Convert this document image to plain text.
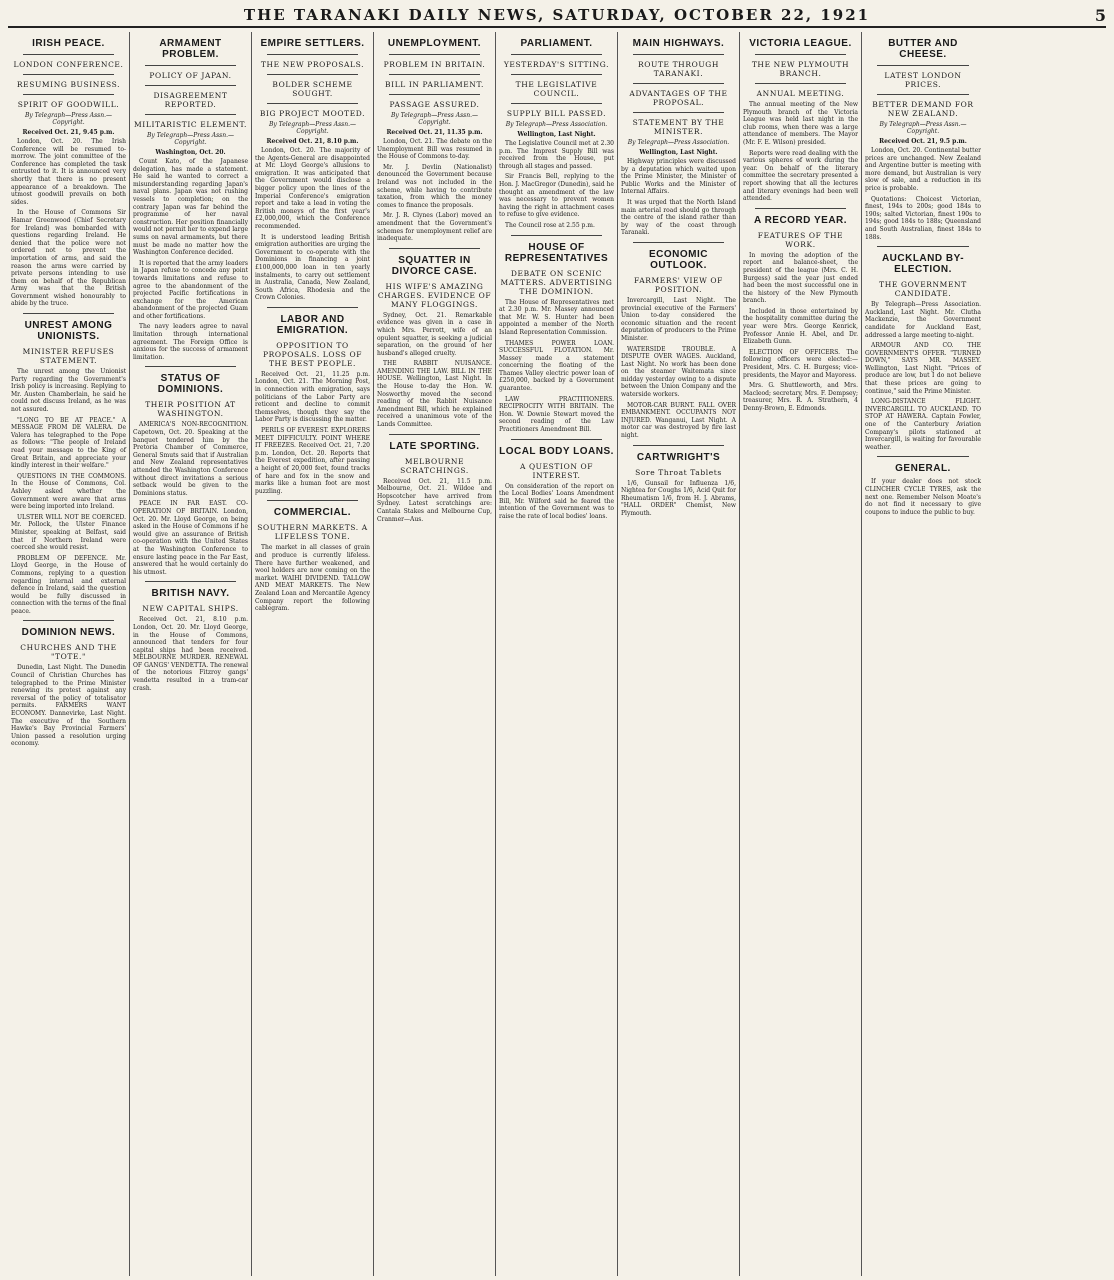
THE TARANAKI DAILY NEWS, SATURDAY, OCTOBER 22, 1921	5
IRISH PEACE.
LONDON CONFERENCE.
RESUMING BUSINESS.
SPIRIT OF GOODWILL.
By Telegraph—Press Assn.—Copyright.
Received Oct. 21, 9.45 p.m.

London, Oct. 20. The Irish Conference will be resumed to-morrow. The joint committee of the Conference has completed the task entrusted to it. It is announced very shortly that there is no present appearance of a breakdown. The utmost goodwill prevails on both sides.

In the House of Commons Sir Hamar Greenwood (Chief Secretary for Ireland) was bombarded with questions regarding Ireland. He denied that the police were not ordered not to prevent the importation of arms, and said the reason the arms were carried by private persons intending to use them on behalf of the Republican Army was that the British Government wished honourably to abide by the truce.

UNREST AMONG UNIONISTS.
MINISTER REFUSES STATEMENT.

The unrest among the Unionist Party regarding the Government's Irish policy is increasing. Replying to Mr. Austen Chamberlain, he said he could not discuss Ireland, as he was not assured.

"LONG TO BE AT PEACE." A MESSAGE FROM DE VALERA. De Valera has telegraphed to the Pope as follows: "The people of Ireland read your message to the King of Great Britain, and appreciate your kindly interest in their welfare."

QUESTIONS IN THE COMMONS. In the House of Commons, Col. Ashley asked whether the Government were aware that arms were being imported into Ireland.

ULSTER WILL NOT BE COERCED. Mr. Pollock, the Ulster Finance Minister, speaking at Belfast, said that if Northern Ireland were coerced she would resist.

PROBLEM OF DEFENCE. Mr. Lloyd George, in the House of Commons, replying to a question regarding internal and external defence in Ireland, said the question would be fully discussed in connection with the terms of the final peace.

DOMINION NEWS.
CHURCHES AND THE "TOTE."

Dunedin, Last Night. The Dunedin Council of Christian Churches has telegraphed to the Prime Minister renewing its protest against any reversal of the policy of totalisator permits. FARMERS WANT ECONOMY. Dannevirke, Last Night. The executive of the Southern Hawke's Bay Provincial Farmers' Union passed a resolution urging economy.

ARMAMENT PROBLEM.
POLICY OF JAPAN.
DISAGREEMENT REPORTED.
MILITARISTIC ELEMENT.
By Telegraph—Press Assn.—Copyright.
Washington, Oct. 20.

Count Kato, of the Japanese delegation, has made a statement. He said he wanted to correct a misunderstanding regarding Japan's naval plans. Japan was not rushing vessels to completion; on the contrary Japan was far behind the programme of her naval construction. Her position financially would not permit her to expend large sums on naval armaments, but there must be made no matter how the Washington Conference decided.

It is reported that the army leaders in Japan refuse to concede any point towards limitations and refuse to agree to the abandonment of the projected Pacific fortifications in exchange for the American abandonment of the projected Guam and other fortifications.

The navy leaders agree to naval limitation through international agreement. The Foreign Office is anxious for the success of armament limitation.

STATUS OF DOMINIONS.
THEIR POSITION AT WASHINGTON.

AMERICA'S NON-RECOGNITION. Capetown, Oct. 20. Speaking at the banquet tendered him by the Pretoria Chamber of Commerce, General Smuts said that if Australian and New Zealand representatives attended the Washington Conference without direct invitations a serious setback would be given to the Dominions status.

PEACE IN FAR EAST. CO-OPERATION OF BRITAIN. London, Oct. 20. Mr. Lloyd George, on being asked in the House of Commons if he would give an assurance of British co-operation with the United States at the Washington Conference to ensure lasting peace in the Far East, answered that he would certainly do his utmost.

BRITISH NAVY.
NEW CAPITAL SHIPS.

Received Oct. 21, 8.10 p.m. London, Oct. 20. Mr. Lloyd George, in the House of Commons, announced that tenders for four capital ships had been received. MELBOURNE MURDER. RENEWAL OF GANGS' VENDETTA. The renewal of the notorious Fitzroy gangs' vendetta resulted in a tram-car crash.

EMPIRE SETTLERS.
THE NEW PROPOSALS.
BOLDER SCHEME SOUGHT.
BIG PROJECT MOOTED.
By Telegraph—Press Assn.—Copyright.
Received Oct. 21, 8.10 p.m.

London, Oct. 20. The majority of the Agents-General are disappointed at Mr. Lloyd George's allusions to emigration. It was anticipated that the Government would disclose a bigger policy upon the lines of the Imperial Conference's emigration report and take a lead in voting the British moneys of the first year's £2,000,000, which the Conference recommended.

It is understood leading British emigration authorities are urging the Government to co-operate with the Dominions in financing a joint £100,000,000 loan in ten yearly instalments, to carry out settlement in Australia, Canada, New Zealand, South Africa, Rhodesia and the Crown Colonies.

LABOR AND EMIGRATION.
OPPOSITION TO PROPOSALS. LOSS OF THE BEST PEOPLE.

Received Oct. 21, 11.25 p.m. London, Oct. 21. The Morning Post, in connection with emigration, says politicians of the Labor Party are reticent and decline to commit themselves, though they say the Labor Party is discussing the matter.

PERILS OF EVEREST. EXPLORERS MEET DIFFICULTY. POINT WHERE IT FREEZES. Received Oct. 21, 7.20 p.m. London, Oct. 20. Reports that the Everest expedition, after passing a height of 20,000 feet, found tracks of hare and fox in the snow and marks like a human foot are most puzzling.

COMMERCIAL.
SOUTHERN MARKETS. A LIFELESS TONE.

The market in all classes of grain and produce is currently lifeless. There have further weakened, and wool holders are now coming on the market. WAIHI DIVIDEND. TALLOW AND MEAT MARKETS. The New Zealand Loan and Mercantile Agency Company report the following cablegram.

UNEMPLOYMENT.
PROBLEM IN BRITAIN.
BILL IN PARLIAMENT.
PASSAGE ASSURED.
By Telegraph—Press Assn.—Copyright.
Received Oct. 21, 11.35 p.m.

London, Oct. 21. The debate on the Unemployment Bill was resumed in the House of Commons to-day.

Mr. J. Devlin (Nationalist) denounced the Government because Ireland was not included in the scheme, while having to contribute taxation, from which the money comes to finance the proposals.

Mr. J. R. Clynes (Labor) moved an amendment that the Government's schemes for unemployment relief are inadequate.

SQUATTER IN DIVORCE CASE.
HIS WIFE'S AMAZING CHARGES. EVIDENCE OF MANY FLOGGINGS.

Sydney, Oct. 21. Remarkable evidence was given in a case in which Mrs. Perrott, wife of an opulent squatter, is seeking a judicial separation, on the ground of her husband's alleged cruelty.

THE RABBIT NUISANCE. AMENDING THE LAW. BILL IN THE HOUSE. Wellington, Last Night. In the House to-day the Hon. W. Nosworthy moved the second reading of the Rabbit Nuisance Amendment Bill, which he explained received a unanimous vote of the Lands Committee.

LATE SPORTING.
MELBOURNE SCRATCHINGS.

Received Oct. 21, 11.5 p.m. Melbourne, Oct. 21. Wildoe and Hopscotcher have arrived from Sydney. Latest scratchings are: Cantala Stakes and Melbourne Cup, Cranmer—Aus.

PARLIAMENT.
YESTERDAY'S SITTING.
THE LEGISLATIVE COUNCIL.
SUPPLY BILL PASSED.
By Telegraph—Press Association.
Wellington, Last Night.

The Legislative Council met at 2.30 p.m. The Imprest Supply Bill was received from the House, put through all stages and passed.

Sir Francis Bell, replying to the Hon. J. MacGregor (Dunedin), said he thought an amendment of the law was necessary to prevent women having the right in attachment cases to refuse to give evidence.

The Council rose at 2.55 p.m.

HOUSE OF REPRESENTATIVES
DEBATE ON SCENIC MATTERS. ADVERTISING THE DOMINION.

The House of Representatives met at 2.30 p.m. Mr. Massey announced that Mr. W. S. Hunter had been appointed a member of the North Island Representation Commission.

THAMES POWER LOAN. SUCCESSFUL FLOTATION. Mr. Massey made a statement concerning the floating of the Thames Valley electric power loan of £250,000, backed by a Government guarantee.

LAW PRACTITIONERS. RECIPROCITY WITH BRITAIN. The Hon. W. Downie Stewart moved the second reading of the Law Practitioners Amendment Bill.

LOCAL BODY LOANS.
A QUESTION OF INTEREST.

On consideration of the report on the Local Bodies' Loans Amendment Bill, Mr. Wilford said he feared the intention of the Government was to raise the rate of local bodies' loans.

MAIN HIGHWAYS.
ROUTE THROUGH TARANAKI.
ADVANTAGES OF THE PROPOSAL.
STATEMENT BY THE MINISTER.
By Telegraph—Press Association.
Wellington, Last Night.

Highway principles were discussed by a deputation which waited upon the Prime Minister, the Minister of Public Works and the Minister of Internal Affairs.

It was urged that the North Island main arterial road should go through the centre of the island rather than by way of the coast through Taranaki.

ECONOMIC OUTLOOK.
FARMERS' VIEW OF POSITION.

Invercargill, Last Night. The provincial executive of the Farmers' Union to-day considered the economic situation and the recent deputation of producers to the Prime Minister.

WATERSIDE TROUBLE. A DISPUTE OVER WAGES. Auckland, Last Night. No work has been done on the steamer Waitemata since midday yesterday owing to a dispute between the Union Company and the waterside workers.

MOTOR-CAR BURNT. FALL OVER EMBANKMENT. OCCUPANTS NOT INJURED. Wanganui, Last Night. A motor car was destroyed by fire last night.

CARTWRIGHT'S
Sore Throat Tablets

1/6, Gunsail for Influenza 1/6, Nightea for Coughs 1/6, Acid Quit for Rheumatism 1/6, from H. J. Abrams, "HALL ORDER" Chemist, New Plymouth.

VICTORIA LEAGUE.
THE NEW PLYMOUTH BRANCH.
ANNUAL MEETING.

The annual meeting of the New Plymouth branch of the Victoria League was held last night in the club rooms, when there was a large attendance of members. The Mayor (Mr. F. E. Wilson) presided.

Reports were read dealing with the various spheres of work during the year. On behalf of the literary committee the secretary presented a report showing that all the lectures and literary evenings had been well attended.

A RECORD YEAR.
FEATURES OF THE WORK.

In moving the adoption of the report and balance-sheet, the president of the league (Mrs. C. H. Burgess) said the year just ended had been the most successful one in the history of the New Plymouth branch.

Included in those entertained by the hospitality committee during the year were Mrs. George Kenrick, Professor Annie H. Abel, and Dr. Elizabeth Gunn.

ELECTION OF OFFICERS. The following officers were elected:—President, Mrs. C. H. Burgess; vice-presidents, the Mayor and Mayoress.

Mrs. G. Shuttleworth, and Mrs. Macleod; secretary, Mrs. F. Dempsey; treasurer, Mrs. R. A. Strathern, 4 Denny-Brown, E. Edmonds.

BUTTER AND CHEESE.
LATEST LONDON PRICES.
BETTER DEMAND FOR NEW ZEALAND.
By Telegraph—Press Assn.—Copyright.
Received Oct. 21, 9.5 p.m.

London, Oct. 20. Continental butter prices are unchanged. New Zealand and Argentine butter is meeting with more demand, but Australian is very slow of sale, and a reduction in its price is probable.

Quotations: Choicest Victorian, finest, 194s to 200s; good 184s to 190s; salted Victorian, finest 190s to 194s; good 184s to 188s; Queensland and South Australian, finest 184s to 188s.

AUCKLAND BY-ELECTION.
THE GOVERNMENT CANDIDATE.

By Telegraph—Press Association. Auckland, Last Night. Mr. Clutha Mackenzie, the Government candidate for Auckland East, addressed a large meeting to-night.

ARMOUR AND CO. THE GOVERNMENT'S OFFER. "TURNED DOWN," SAYS MR. MASSEY. Wellington, Last Night. "Prices of produce are low, but I do not believe that these prices are going to continue," said the Prime Minister.

LONG-DISTANCE FLIGHT. INVERCARGILL TO AUCKLAND. TO STOP AT HAWERA. Captain Fowler, one of the Canterbury Aviation Company's pilots stationed at Invercargill, is waiting for favourable weather.

GENERAL.

If your dealer does not stock CLINCHER CYCLE TYRES, ask the next one. Remember Nelson Moate's do not find it necessary to give coupons to induce the public to buy.
